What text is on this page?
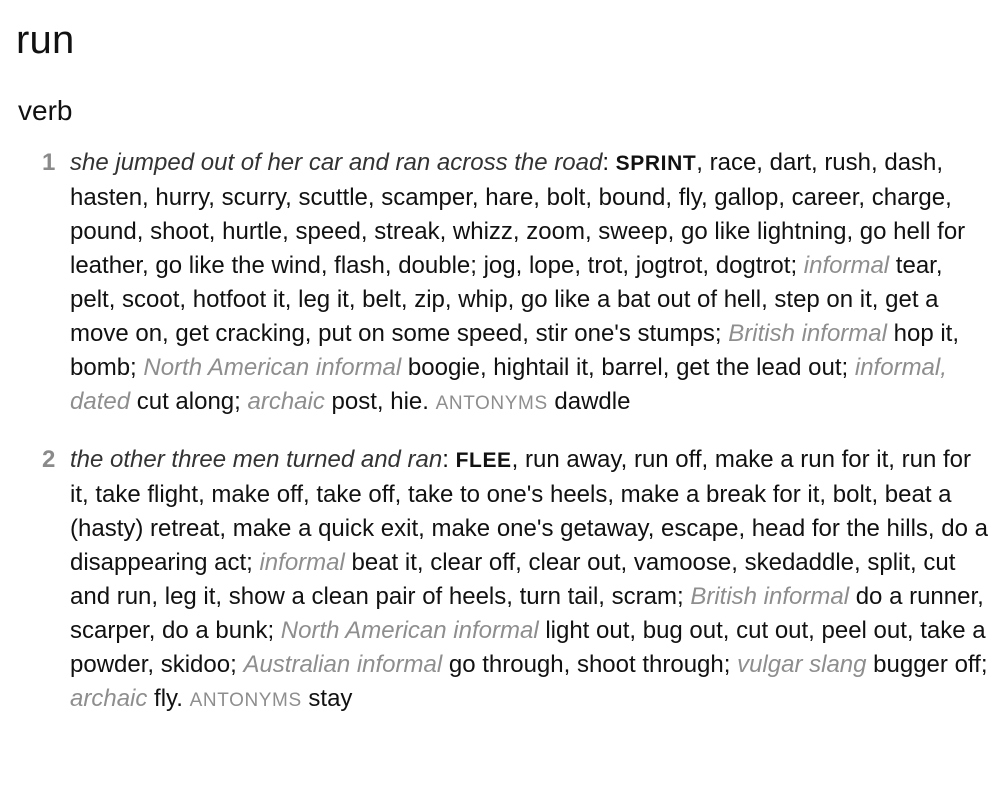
run
verb
1 she jumped out of her car and ran across the road: SPRINT, race, dart, rush, dash, hasten, hurry, scurry, scuttle, scamper, hare, bolt, bound, fly, gallop, career, charge, pound, shoot, hurtle, speed, streak, whizz, zoom, sweep, go like lightning, go hell for leather, go like the wind, flash, double; jog, lope, trot, jogtrot, dogtrot; informal tear, pelt, scoot, hotfoot it, leg it, belt, zip, whip, go like a bat out of hell, step on it, get a move on, get cracking, put on some speed, stir one's stumps; British informal hop it, bomb; North American informal boogie, hightail it, barrel, get the lead out; informal, dated cut along; archaic post, hie. ANTONYMS dawdle
2 the other three men turned and ran: FLEE, run away, run off, make a run for it, run for it, take flight, make off, take off, take to one's heels, make a break for it, bolt, beat a (hasty) retreat, make a quick exit, make one's getaway, escape, head for the hills, do a disappearing act; informal beat it, clear off, clear out, vamoose, skedaddle, split, cut and run, leg it, show a clean pair of heels, turn tail, scram; British informal do a runner, scarper, do a bunk; North American informal light out, bug out, cut out, peel out, take a powder, skidoo; Australian informal go through, shoot through; vulgar slang bugger off; archaic fly. ANTONYMS stay
